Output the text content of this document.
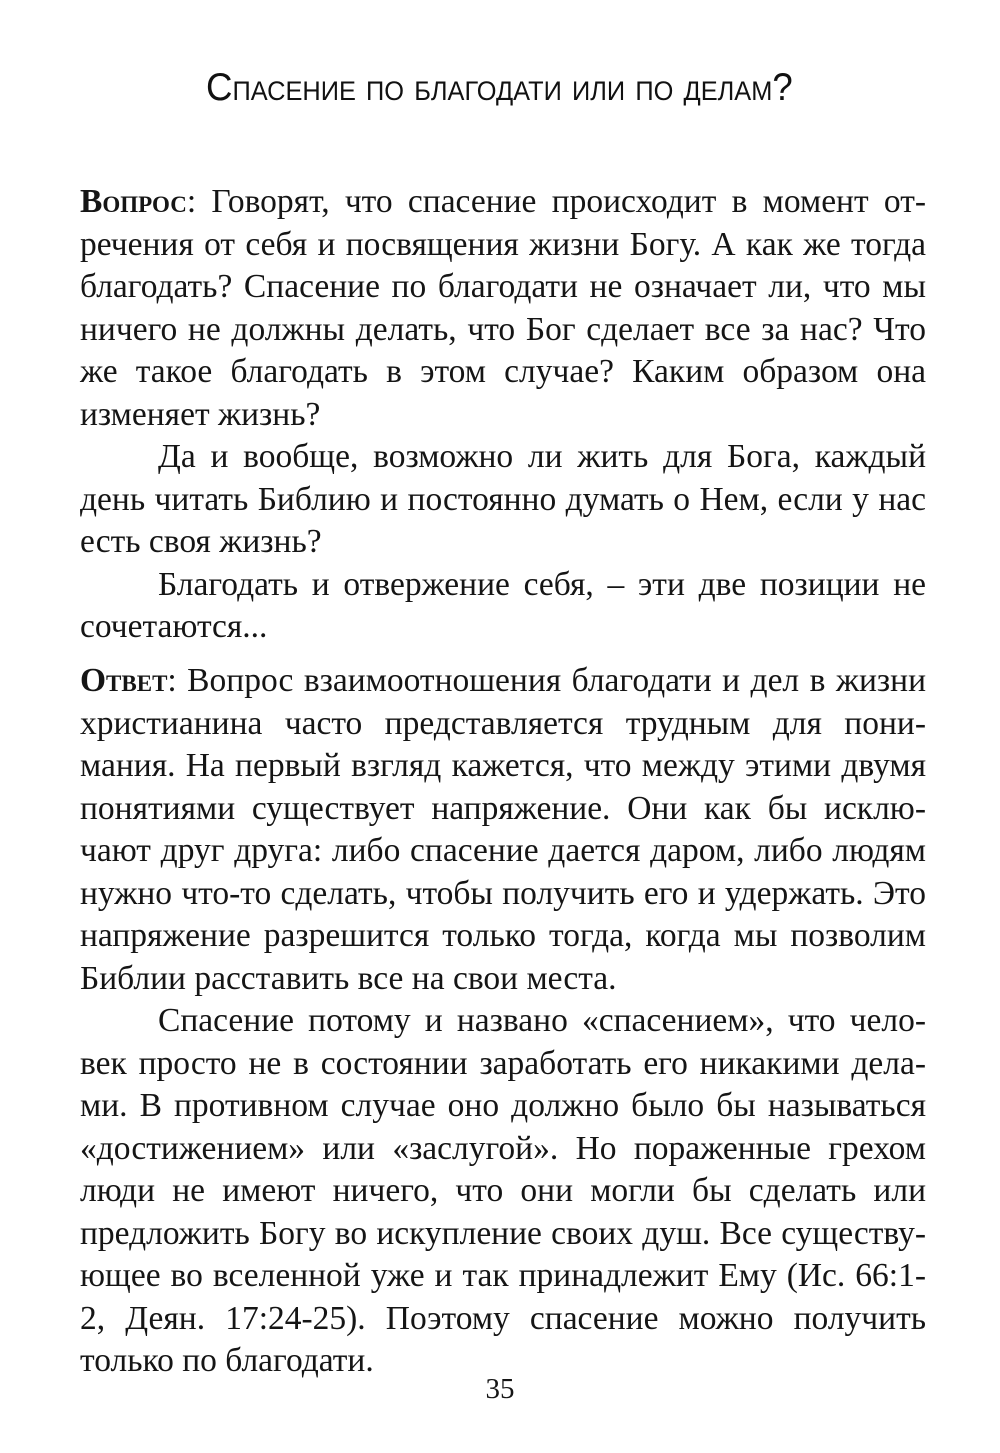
Спасение по благодати или по делам?

Вопрос: Говорят, что спасение происходит в момент отречения от себя и посвящения жизни Богу. А как же тогда благодать? Спасение по благодати не означает ли, что мы ничего не должны делать, что Бог сделает все за нас? Что же такое благодать в этом случае? Каким образом она изменяет жизнь?

Да и вообще, возможно ли жить для Бога, каждый день читать Библию и постоянно думать о Нем, если у нас есть своя жизнь?

Благодать и отвержение себя, – эти две позиции не сочетаются...

Ответ: Вопрос взаимоотношения благодати и дел в жизни христианина часто представляется трудным для понимания. На первый взгляд кажется, что между этими двумя понятиями существует напряжение. Они как бы исключают друг друга: либо спасение дается даром, либо людям нужно что-то сделать, чтобы получить его и удержать. Это напряжение разрешится только тогда, когда мы позволим Библии расставить все на свои места.

Спасение потому и названо «спасением», что человек просто не в состоянии заработать его никакими делами. В противном случае оно должно было бы называться «достижением» или «заслугой». Но пораженные грехом люди не имеют ничего, что они могли бы сделать или предложить Богу во искупление своих душ. Все существующее во вселенной уже и так принадлежит Ему (Ис. 66:1-2, Деян. 17:24-25). Поэтому спасение можно получить только по благодати.

35
